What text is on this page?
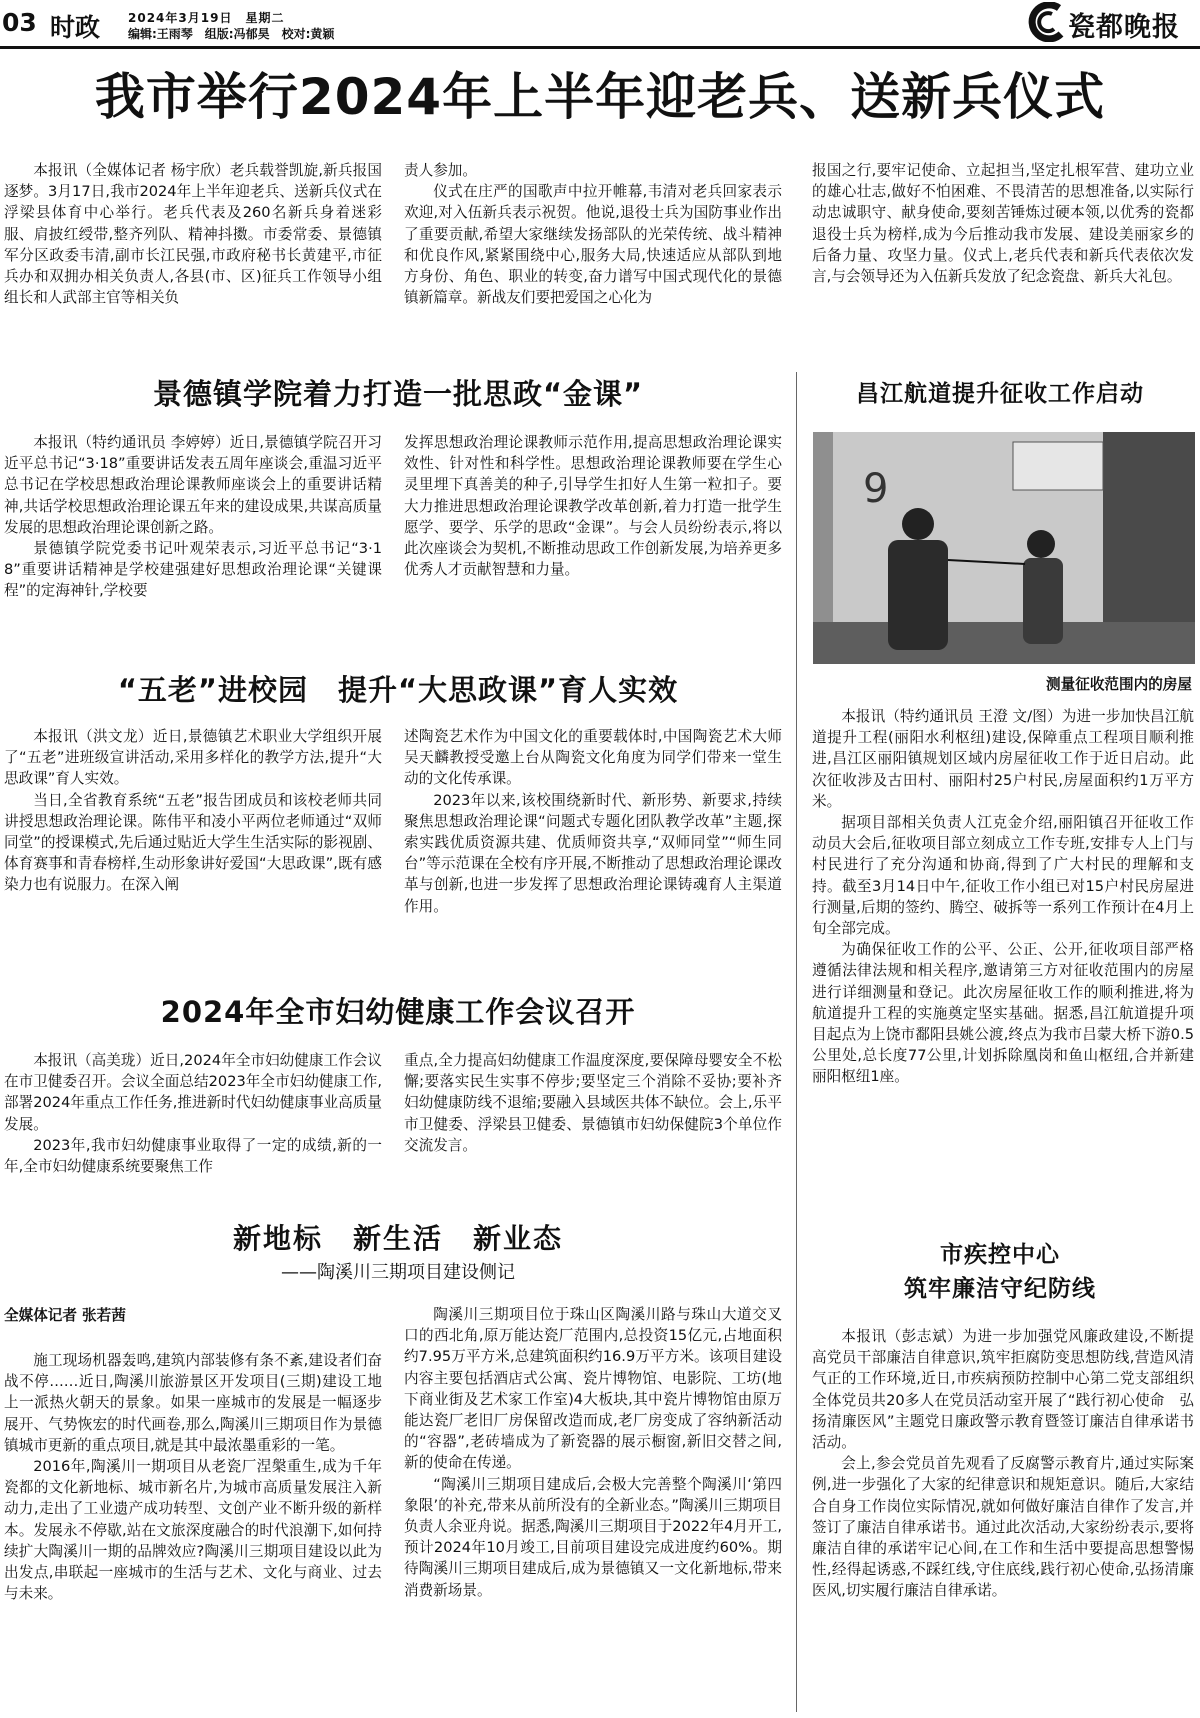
03 时政 2024年3月19日　星期二
编辑:王雨琴　组版:冯郁昊　校对:黄颖	瓷都晚报
我市举行2024年上半年迎老兵、送新兵仪式

本报讯（全媒体记者 杨宇欣）老兵载誉凯旋,新兵报国逐梦。3月17日,我市2024年上半年迎老兵、送新兵仪式在浮梁县体育中心举行。老兵代表及260名新兵身着迷彩服、肩披红绶带,整齐列队、精神抖擞。市委常委、景德镇军分区政委韦清,副市长江民强,市政府秘书长黄建平,市征兵办和双拥办相关负责人,各县(市、区)征兵工作领导小组组长和人武部主官等相关负

责人参加。

仪式在庄严的国歌声中拉开帷幕,韦清对老兵回家表示欢迎,对入伍新兵表示祝贺。他说,退役士兵为国防事业作出了重要贡献,希望大家继续发扬部队的光荣传统、战斗精神和优良作风,紧紧围绕中心,服务大局,快速适应从部队到地方身份、角色、职业的转变,奋力谱写中国式现代化的景德镇新篇章。新战友们要把爱国之心化为

报国之行,要牢记使命、立起担当,坚定扎根军营、建功立业的雄心壮志,做好不怕困难、不畏清苦的思想准备,以实际行动忠诚职守、献身使命,要刻苦锤炼过硬本领,以优秀的瓷都退役士兵为榜样,成为今后推动我市发展、建设美丽家乡的后备力量、攻坚力量。仪式上,老兵代表和新兵代表依次发言,与会领导还为入伍新兵发放了纪念瓷盘、新兵大礼包。

景德镇学院着力打造一批思政“金课”

本报讯（特约通讯员 李婷婷）近日,景德镇学院召开习近平总书记“3·18”重要讲话发表五周年座谈会,重温习近平总书记在学校思想政治理论课教师座谈会上的重要讲话精神,共话学校思想政治理论课五年来的建设成果,共谋高质量发展的思想政治理论课创新之路。

景德镇学院党委书记叶观荣表示,习近平总书记“3·18”重要讲话精神是学校建强建好思想政治理论课“关键课程”的定海神针,学校要

发挥思想政治理论课教师示范作用,提高思想政治理论课实效性、针对性和科学性。思想政治理论课教师要在学生心灵里埋下真善美的种子,引导学生扣好人生第一粒扣子。要大力推进思想政治理论课教学改革创新,着力打造一批学生愿学、要学、乐学的思政“金课”。与会人员纷纷表示,将以此次座谈会为契机,不断推动思政工作创新发展,为培养更多优秀人才贡献智慧和力量。

“五老”进校园　提升“大思政课”育人实效

本报讯（洪文龙）近日,景德镇艺术职业大学组织开展了“五老”进班级宣讲活动,采用多样化的教学方法,提升“大思政课”育人实效。

当日,全省教育系统“五老”报告团成员和该校老师共同讲授思想政治理论课。陈伟平和凌小平两位老师通过“双师同堂”的授课模式,先后通过贴近大学生生活实际的影视剧、体育赛事和青春榜样,生动形象讲好爱国“大思政课”,既有感染力也有说服力。在深入阐

述陶瓷艺术作为中国文化的重要载体时,中国陶瓷艺术大师吴天麟教授受邀上台从陶瓷文化角度为同学们带来一堂生动的文化传承课。

2023年以来,该校围绕新时代、新形势、新要求,持续聚焦思想政治理论课“问题式专题化团队教学改革”主题,探索实践优质资源共建、优质师资共享,“双师同堂”“师生同台”等示范课在全校有序开展,不断推动了思想政治理论课改革与创新,也进一步发挥了思想政治理论课铸魂育人主渠道作用。

2024年全市妇幼健康工作会议召开

本报讯（高美珑）近日,2024年全市妇幼健康工作会议在市卫健委召开。会议全面总结2023年全市妇幼健康工作,部署2024年重点工作任务,推进新时代妇幼健康事业高质量发展。

2023年,我市妇幼健康事业取得了一定的成绩,新的一年,全市妇幼健康系统要聚焦工作

重点,全力提高妇幼健康工作温度深度,要保障母婴安全不松懈;要落实民生实事不停步;要坚定三个消除不妥协;要补齐妇幼健康防线不退缩;要融入县域医共体不缺位。会上,乐平市卫健委、浮梁县卫健委、景德镇市妇幼保健院3个单位作交流发言。

新地标　新生活　新业态
——陶溪川三期项目建设侧记
全媒体记者 张若茜

施工现场机器轰鸣,建筑内部装修有条不紊,建设者们奋战不停……近日,陶溪川旅游景区开发项目(三期)建设工地上一派热火朝天的景象。如果一座城市的发展是一幅逐步展开、气势恢宏的时代画卷,那么,陶溪川三期项目作为景德镇城市更新的重点项目,就是其中最浓墨重彩的一笔。

2016年,陶溪川一期项目从老瓷厂涅槃重生,成为千年瓷都的文化新地标、城市新名片,为城市高质量发展注入新动力,走出了工业遗产成功转型、文创产业不断升级的新样本。发展永不停歇,站在文旅深度融合的时代浪潮下,如何持续扩大陶溪川一期的品牌效应?陶溪川三期项目建设以此为出发点,串联起一座城市的生活与艺术、文化与商业、过去与未来。

陶溪川三期项目位于珠山区陶溪川路与珠山大道交叉口的西北角,原万能达瓷厂范围内,总投资15亿元,占地面积约7.95万平方米,总建筑面积约16.9万平方米。该项目建设内容主要包括酒店式公寓、瓷片博物馆、电影院、工坊(地下商业街及艺术家工作室)4大板块,其中瓷片博物馆由原万能达瓷厂老旧厂房保留改造而成,老厂房变成了容纳新活动的“容器”,老砖墙成为了新瓷器的展示橱窗,新旧交替之间,新的使命在传递。

“陶溪川三期项目建成后,会极大完善整个陶溪川‘第四象限’的补充,带来从前所没有的全新业态。”陶溪川三期项目负责人余亚舟说。据悉,陶溪川三期项目于2022年4月开工,预计2024年10月竣工,目前项目建设完成进度约60%。期待陶溪川三期项目建成后,成为景德镇又一文化新地标,带来消费新场景。

昌江航道提升征收工作启动
9
测量征收范围内的房屋

本报讯（特约通讯员 王澄 文/图）为进一步加快昌江航道提升工程(丽阳水利枢纽)建设,保障重点工程项目顺利推进,昌江区丽阳镇规划区域内房屋征收工作于近日启动。此次征收涉及古田村、丽阳村25户村民,房屋面积约1万平方米。

据项目部相关负责人江克金介绍,丽阳镇召开征收工作动员大会后,征收项目部立刻成立工作专班,安排专人上门与村民进行了充分沟通和协商,得到了广大村民的理解和支持。截至3月14日中午,征收工作小组已对15户村民房屋进行测量,后期的签约、腾空、破拆等一系列工作预计在4月上旬全部完成。

为确保征收工作的公平、公正、公开,征收项目部严格遵循法律法规和相关程序,邀请第三方对征收范围内的房屋进行详细测量和登记。此次房屋征收工作的顺利推进,将为航道提升工程的实施奠定坚实基础。据悉,昌江航道提升项目起点为上饶市鄱阳县姚公渡,终点为我市吕蒙大桥下游0.5公里处,总长度77公里,计划拆除凰岗和鱼山枢纽,合并新建丽阳枢纽1座。

市疾控中心
筑牢廉洁守纪防线

本报讯（彭志斌）为进一步加强党风廉政建设,不断提高党员干部廉洁自律意识,筑牢拒腐防变思想防线,营造风清气正的工作环境,近日,市疾病预防控制中心第二党支部组织全体党员共20多人在党员活动室开展了“践行初心使命　弘扬清廉医风”主题党日廉政警示教育暨签订廉洁自律承诺书活动。

会上,参会党员首先观看了反腐警示教育片,通过实际案例,进一步强化了大家的纪律意识和规矩意识。随后,大家结合自身工作岗位实际情况,就如何做好廉洁自律作了发言,并签订了廉洁自律承诺书。通过此次活动,大家纷纷表示,要将廉洁自律的承诺牢记心间,在工作和生活中要提高思想警惕性,经得起诱惑,不踩红线,守住底线,践行初心使命,弘扬清廉医风,切实履行廉洁自律承诺。
